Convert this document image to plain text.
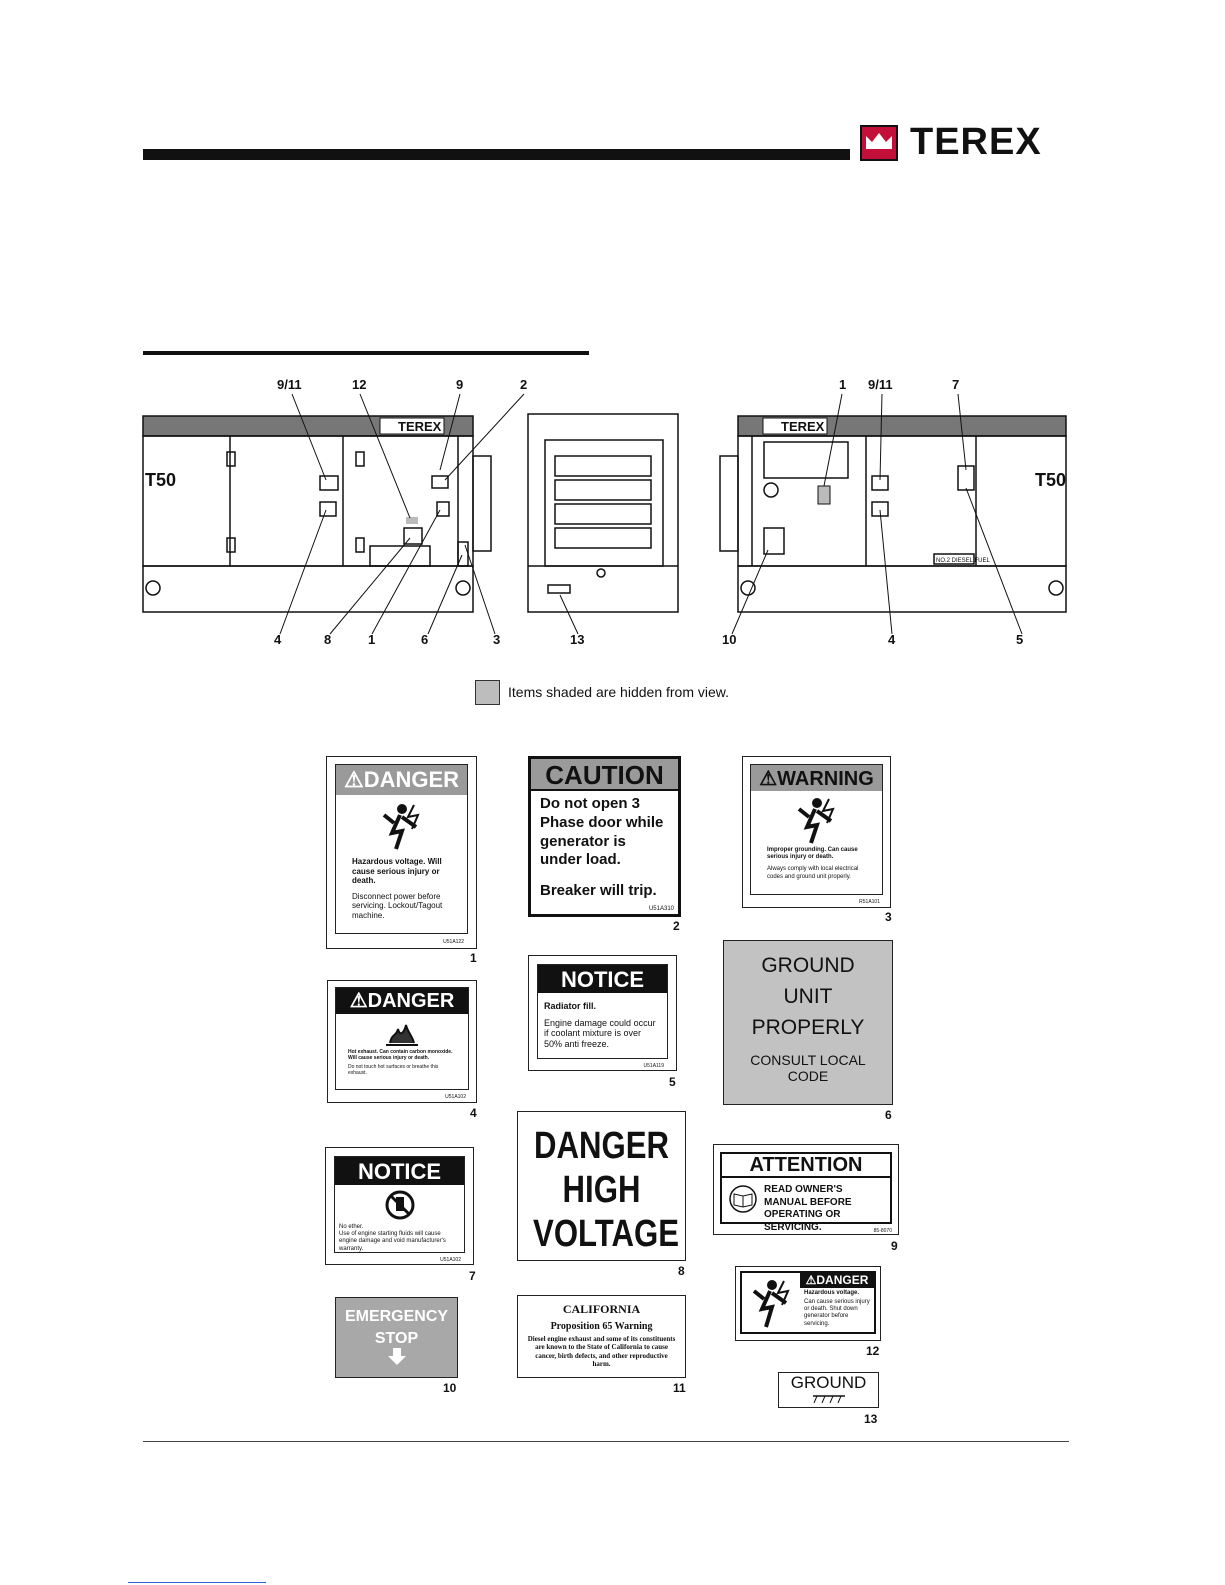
TEREX
T50
TEREX
T50
TEREX
NO.2 DIESEL FUEL
9/11	12	9	2
4	8	1	6	3	13
1 9/11	7
10	4	5
Items shaded are hidden from view.
⚠DANGER
Hazardous voltage. Will cause serious injury or death.
Disconnect power before servicing. Lockout/Tagout machine.
U51A122
1
CAUTION
Do not open 3 Phase door while generator is under load.
Breaker will trip.
U51A310
2
⚠WARNING
Improper grounding. Can cause serious injury or death.
Always comply with local electrical codes and ground unit properly.
R51A101
3
⚠DANGER
Hot exhaust. Can contain carbon monoxide. Will cause serious injury or death.
Do not touch hot surfaces or breathe this exhaust.
U51A102
4
NOTICE
Radiator fill.
Engine damage could occur if coolant mixture is over 50% anti freeze.
U51A119
5
GROUND
UNIT
PROPERLY
CONSULT LOCAL
CODE
6
NOTICE
No ether.
Use of engine starting fluids will cause engine damage and void manufacturer's warranty.
U51A102
7
DANGER
HIGH
VOLTAGE
8
ATTENTION
READ OWNER'S MANUAL BEFORE OPERATING OR SERVICING.	85-8070
9
EMERGENCY
STOP
10
CALIFORNIA
Proposition 65 Warning
Diesel engine exhaust and some of its constituents are known to the State of California to cause cancer, birth defects, and other reproductive harm.
11
⚠DANGER
Hazardous voltage.
Can cause serious injury or death. Shut down generator before servicing.
12
GROUND
13
